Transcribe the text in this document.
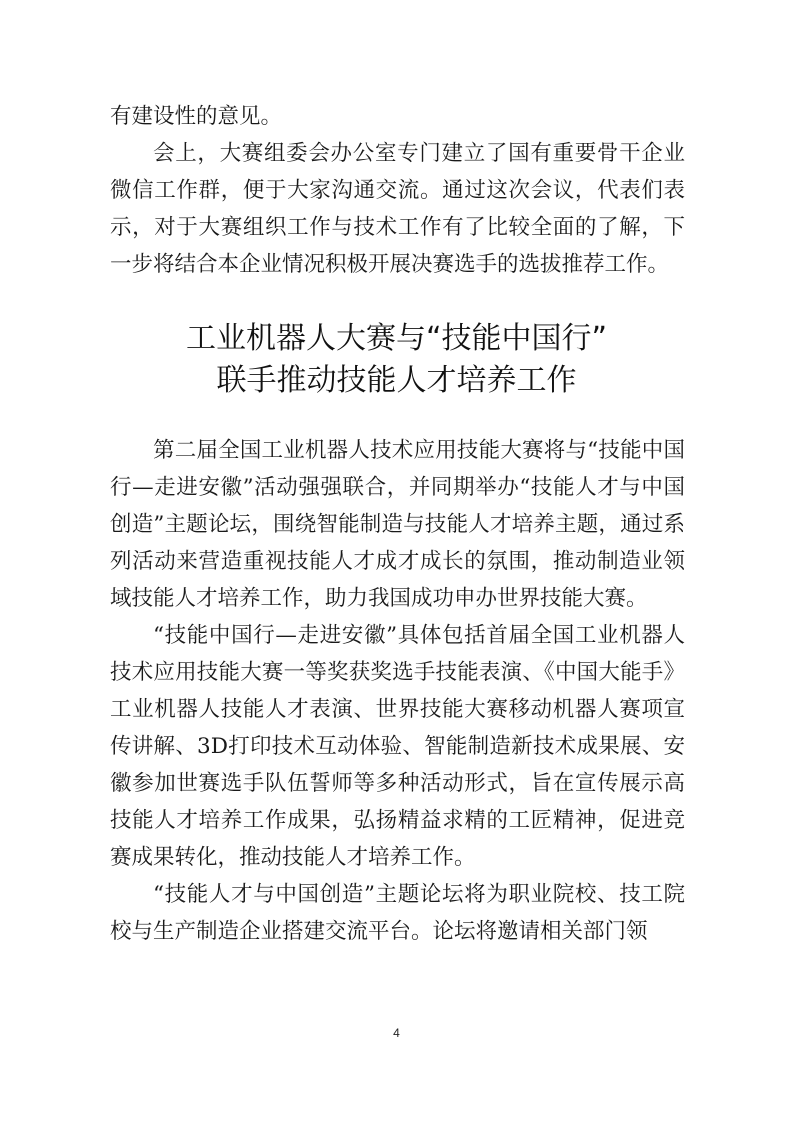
有建设性的意见。

会上，大赛组委会办公室专门建立了国有重要骨干企业微信工作群，便于大家沟通交流。通过这次会议，代表们表示，对于大赛组织工作与技术工作有了比较全面的了解，下一步将结合本企业情况积极开展决赛选手的选拔推荐工作。

工业机器人大赛与“技能中国行”
联手推动技能人才培养工作

第二届全国工业机器人技术应用技能大赛将与“技能中国行—走进安徽”活动强强联合，并同期举办“技能人才与中国创造”主题论坛，围绕智能制造与技能人才培养主题，通过系列活动来营造重视技能人才成才成长的氛围，推动制造业领域技能人才培养工作，助力我国成功申办世界技能大赛。

“技能中国行—走进安徽”具体包括首届全国工业机器人技术应用技能大赛一等奖获奖选手技能表演、《中国大能手》工业机器人技能人才表演、世界技能大赛移动机器人赛项宣传讲解、3D打印技术互动体验、智能制造新技术成果展、安徽参加世赛选手队伍誓师等多种活动形式，旨在宣传展示高技能人才培养工作成果，弘扬精益求精的工匠精神，促进竞赛成果转化，推动技能人才培养工作。

“技能人才与中国创造”主题论坛将为职业院校、技工院校与生产制造企业搭建交流平台。论坛将邀请相关部门领

4
